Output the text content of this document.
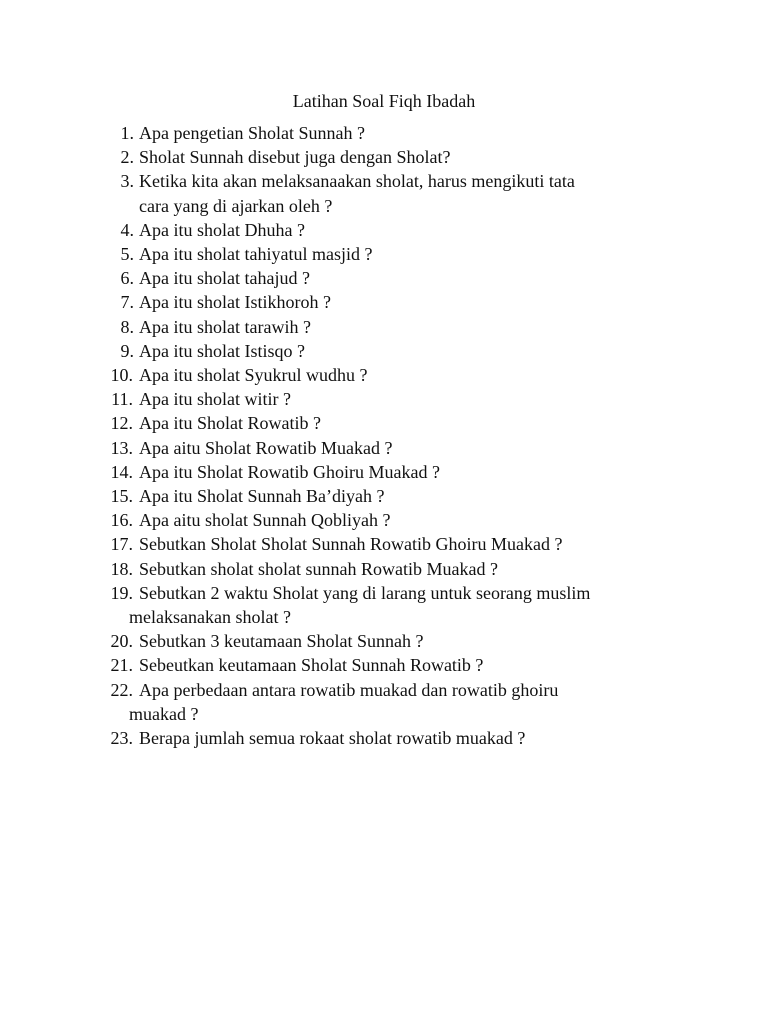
Latihan Soal Fiqh Ibadah
1. Apa pengetian Sholat Sunnah ?
2. Sholat Sunnah disebut juga dengan Sholat?
3. Ketika kita akan melaksanaakan sholat, harus mengikuti tata
cara yang di ajarkan oleh ?
4. Apa itu sholat Dhuha ?
5. Apa itu sholat tahiyatul masjid ?
6. Apa itu sholat tahajud ?
7. Apa itu sholat Istikhoroh ?
8. Apa itu sholat tarawih ?
9. Apa itu sholat Istisqo ?
10. Apa itu sholat Syukrul wudhu ?
11. Apa itu sholat witir ?
12. Apa itu Sholat Rowatib ?
13. Apa aitu Sholat Rowatib Muakad ?
14. Apa itu Sholat Rowatib Ghoiru Muakad ?
15. Apa itu Sholat Sunnah Ba’diyah ?
16. Apa aitu sholat Sunnah Qobliyah ?
17. Sebutkan Sholat Sholat Sunnah Rowatib Ghoiru Muakad ?
18. Sebutkan sholat sholat sunnah Rowatib Muakad ?
19. Sebutkan 2 waktu Sholat yang di larang untuk seorang muslim
melaksanakan sholat ?
20. Sebutkan 3 keutamaan Sholat Sunnah ?
21. Sebeutkan keutamaan Sholat Sunnah Rowatib ?
22. Apa perbedaan antara rowatib muakad dan rowatib ghoiru
muakad ?
23. Berapa jumlah semua rokaat sholat rowatib muakad ?
